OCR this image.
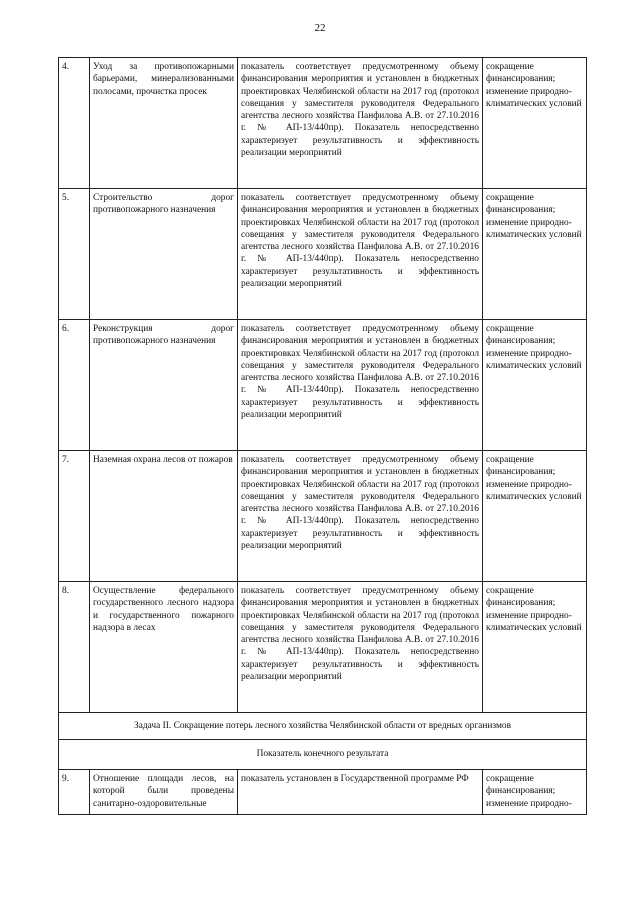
22
4.	Уход за противопожарными барьерами, минерализованными полосами, прочистка просек	показатель соответствует предусмотренному объему финансирования мероприятия и установлен в бюджетных проектировках Челябинской области на 2017 год (протокол совещания у заместителя руководителя Федерального агентства лесного хозяйства Панфилова А.В. от 27.10.2016 г. № АП-13/440пр). Показатель непосредственно характеризует результативность и эффективность реализации мероприятий	сокращение финансирования; изменение природно-климатических условий
5.	Строительство дорог противопожарного назначения	показатель соответствует предусмотренному объему финансирования мероприятия и установлен в бюджетных проектировках Челябинской области на 2017 год (протокол совещания у заместителя руководителя Федерального агентства лесного хозяйства Панфилова А.В. от 27.10.2016 г. № АП-13/440пр). Показатель непосредственно характеризует результативность и эффективность реализации мероприятий	сокращение финансирования; изменение природно-климатических условий
6.	Реконструкция дорог противопожарного назначения	показатель соответствует предусмотренному объему финансирования мероприятия и установлен в бюджетных проектировках Челябинской области на 2017 год (протокол совещания у заместителя руководителя Федерального агентства лесного хозяйства Панфилова А.В. от 27.10.2016 г. № АП-13/440пр). Показатель непосредственно характеризует результативность и эффективность реализации мероприятий	сокращение финансирования; изменение природно-климатических условий
7.	Наземная охрана лесов от пожаров	показатель соответствует предусмотренному объему финансирования мероприятия и установлен в бюджетных проектировках Челябинской области на 2017 год (протокол совещания у заместителя руководителя Федерального агентства лесного хозяйства Панфилова А.В. от 27.10.2016 г. № АП-13/440пр). Показатель непосредственно характеризует результативность и эффективность реализации мероприятий	сокращение финансирования; изменение природно-климатических условий
8.	Осуществление федерального государственного лесного надзора и государственного пожарного надзора в лесах	показатель соответствует предусмотренному объему финансирования мероприятия и установлен в бюджетных проектировках Челябинской области на 2017 год (протокол совещания у заместителя руководителя Федерального агентства лесного хозяйства Панфилова А.В. от 27.10.2016 г. № АП-13/440пр). Показатель непосредственно характеризует результативность и эффективность реализации мероприятий	сокращение финансирования; изменение природно-климатических условий
Задача II. Сокращение потерь лесного хозяйства Челябинской области от вредных организмов			
Показатель конечного результата			
9.	Отношение площади лесов, на которой были проведены санитарно-оздоровительные	показатель установлен в Государственной программе РФ	сокращение финансирования; изменение природно-
